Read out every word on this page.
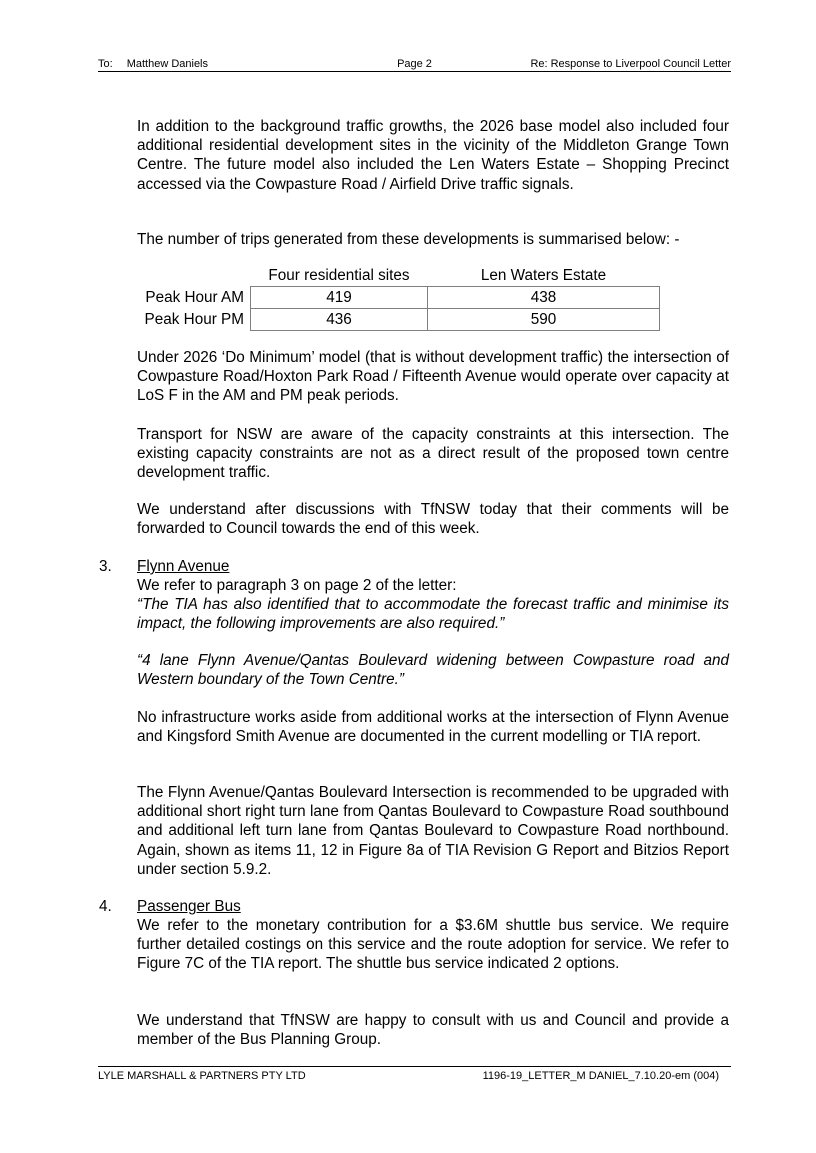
To: Matthew Daniels	Page 2	Re: Response to Liverpool Council Letter
In addition to the background traffic growths, the 2026 base model also included four additional residential development sites in the vicinity of the Middleton Grange Town Centre. The future model also included the Len Waters Estate – Shopping Precinct accessed via the Cowpasture Road / Airfield Drive traffic signals.
The number of trips generated from these developments is summarised below: -
	Four residential sites	Len Waters Estate
Peak Hour AM	419	438
Peak Hour PM	436	590
Under 2026 ‘Do Minimum’ model (that is without development traffic) the intersection of Cowpasture Road/Hoxton Park Road / Fifteenth Avenue would operate over capacity at LoS F in the AM and PM peak periods.
Transport for NSW are aware of the capacity constraints at this intersection. The existing capacity constraints are not as a direct result of the proposed town centre development traffic.
We understand after discussions with TfNSW today that their comments will be forwarded to Council towards the end of this week.
3. Flynn Avenue
We refer to paragraph 3 on page 2 of the letter:
“The TIA has also identified that to accommodate the forecast traffic and minimise its impact, the following improvements are also required.”
“4 lane Flynn Avenue/Qantas Boulevard widening between Cowpasture road and Western boundary of the Town Centre.”
No infrastructure works aside from additional works at the intersection of Flynn Avenue and Kingsford Smith Avenue are documented in the current modelling or TIA report.
The Flynn Avenue/Qantas Boulevard Intersection is recommended to be upgraded with additional short right turn lane from Qantas Boulevard to Cowpasture Road southbound and additional left turn lane from Qantas Boulevard to Cowpasture Road northbound. Again, shown as items 11, 12 in Figure 8a of TIA Revision G Report and Bitzios Report under section 5.9.2.
4. Passenger Bus
We refer to the monetary contribution for a $3.6M shuttle bus service. We require further detailed costings on this service and the route adoption for service. We refer to Figure 7C of the TIA report. The shuttle bus service indicated 2 options.
We understand that TfNSW are happy to consult with us and Council and provide a member of the Bus Planning Group.
LYLE MARSHALL & PARTNERS PTY LTD	1196-19_LETTER_M DANIEL_7.10.20-em (004)
